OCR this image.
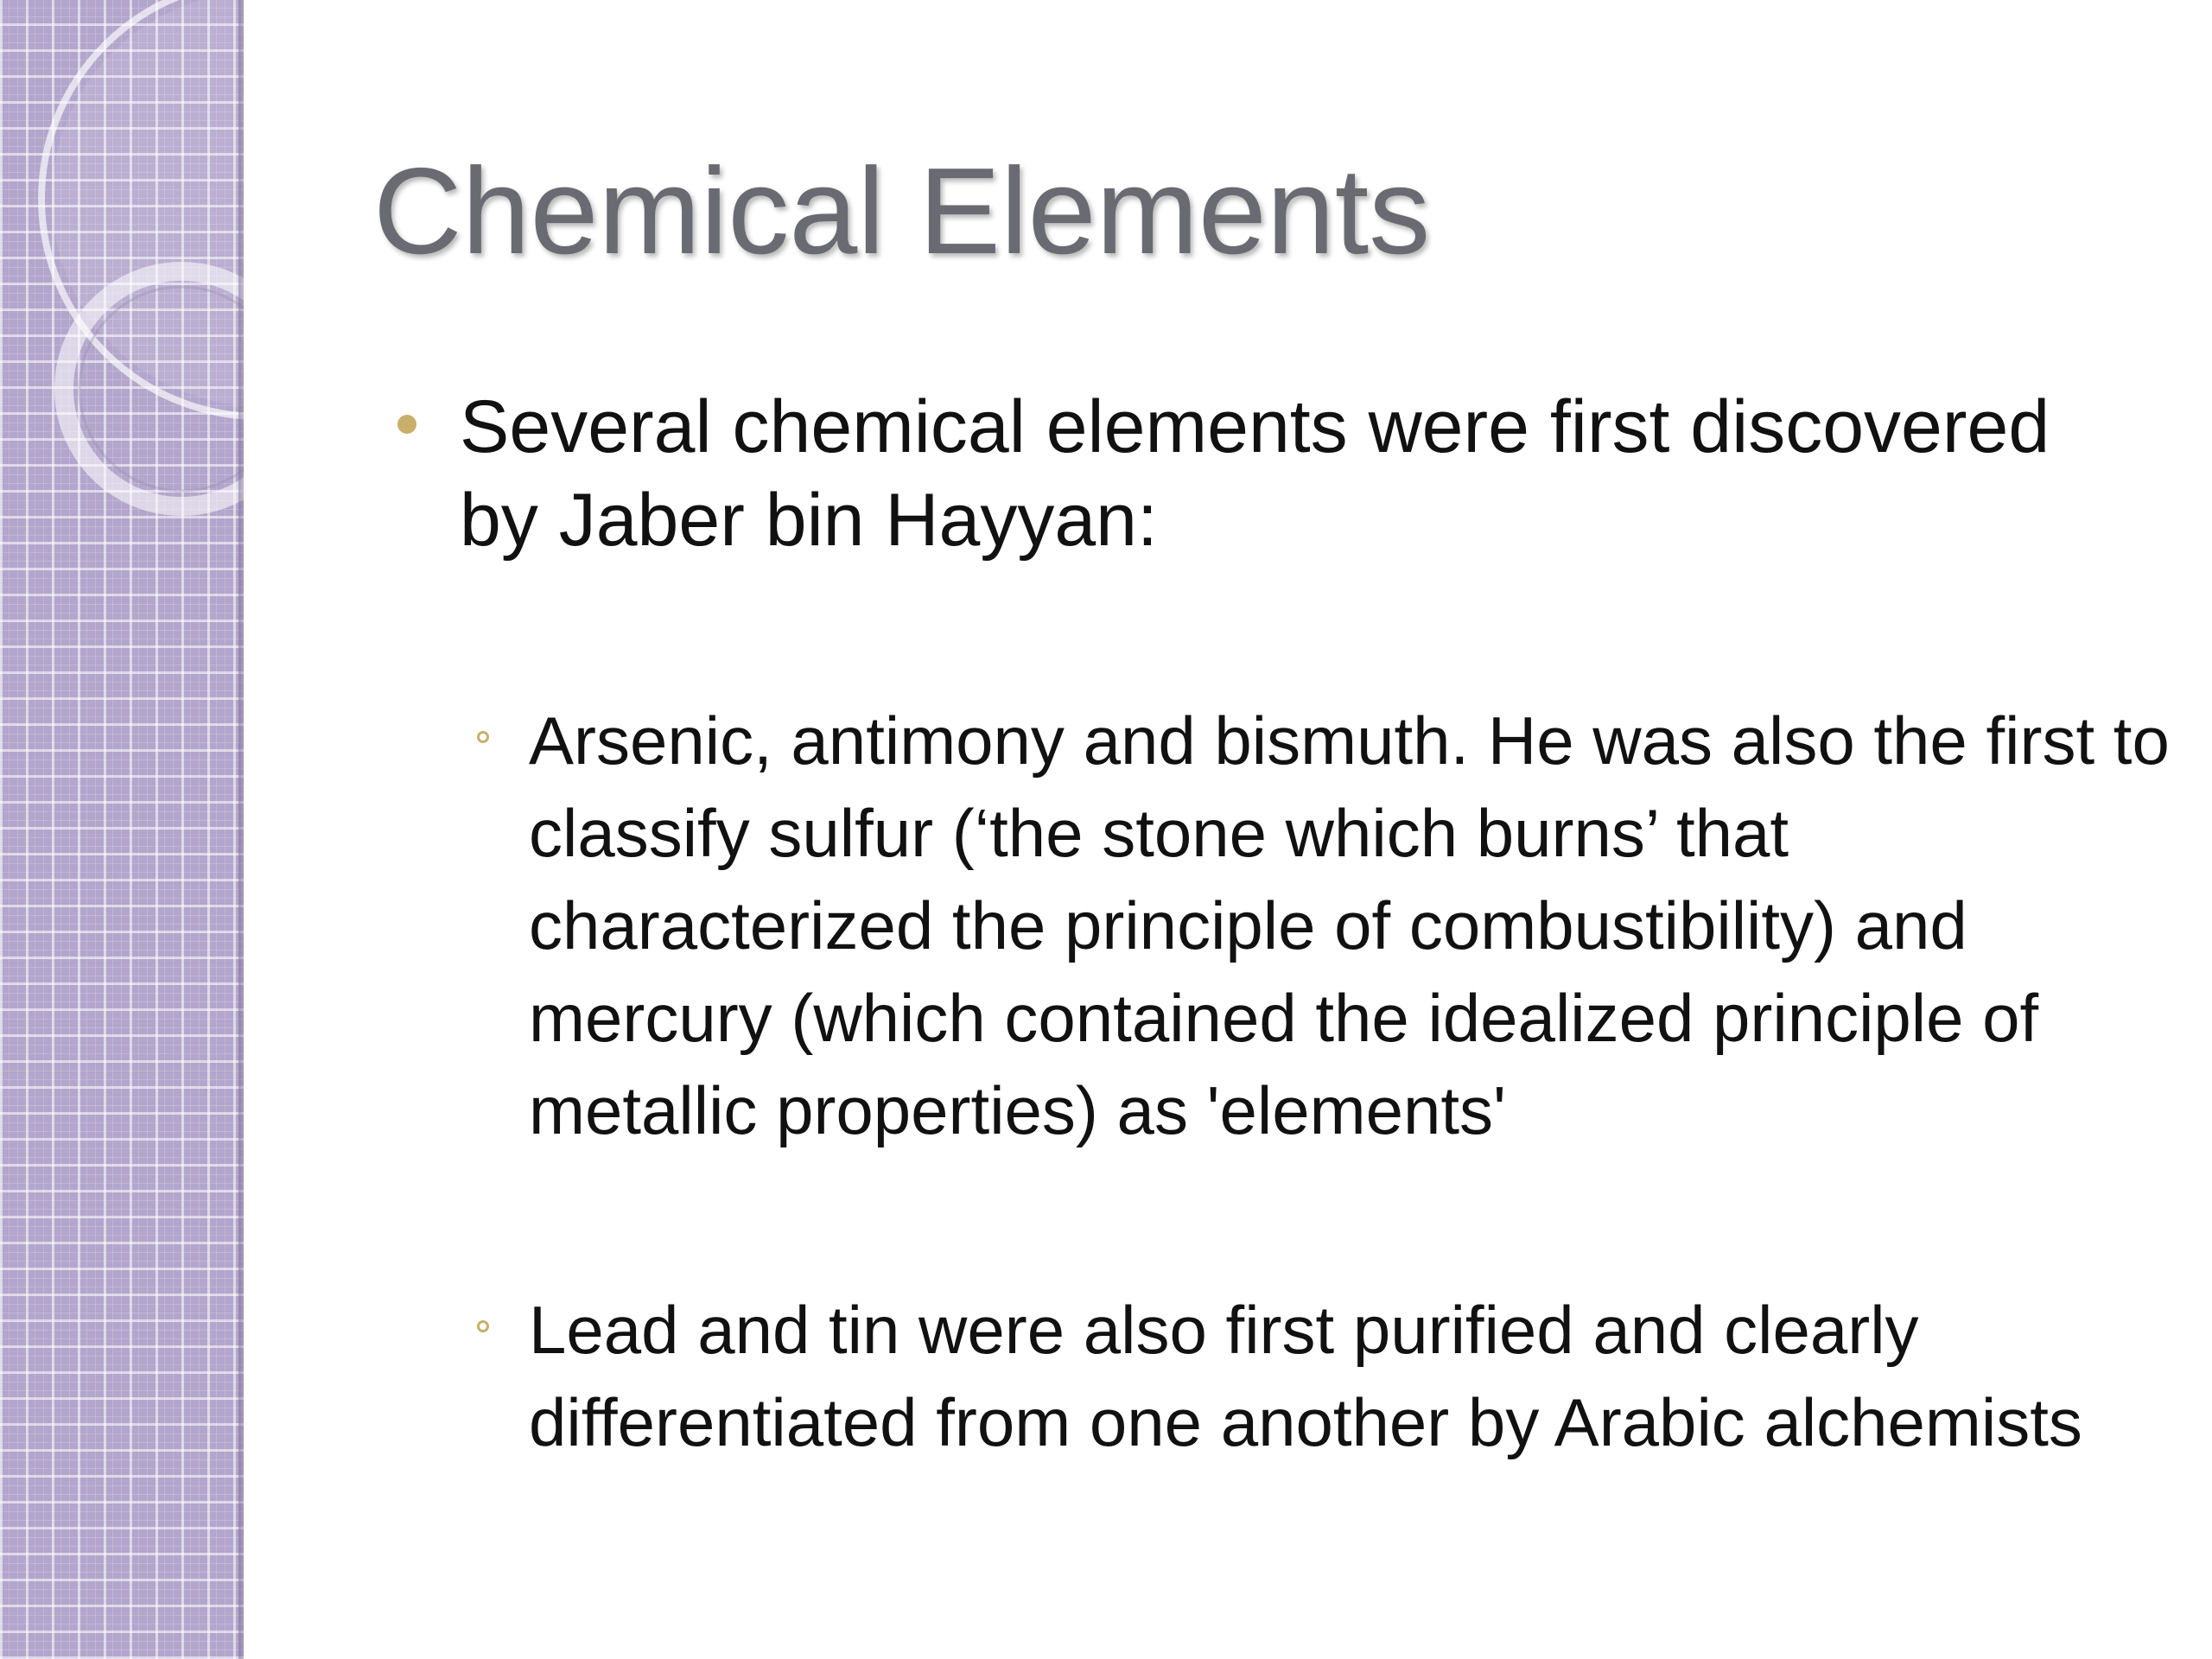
Chemical Elements
Several chemical elements were first discovered by Jaber bin Hayyan:
Arsenic, antimony and bismuth. He was also the first to classify sulfur (‘the stone which burns’ that characterized the principle of combustibility) and mercury (which contained the idealized principle of metallic properties) as 'elements'
Lead and tin were also first purified and clearly differentiated from one another by Arabic alchemists
